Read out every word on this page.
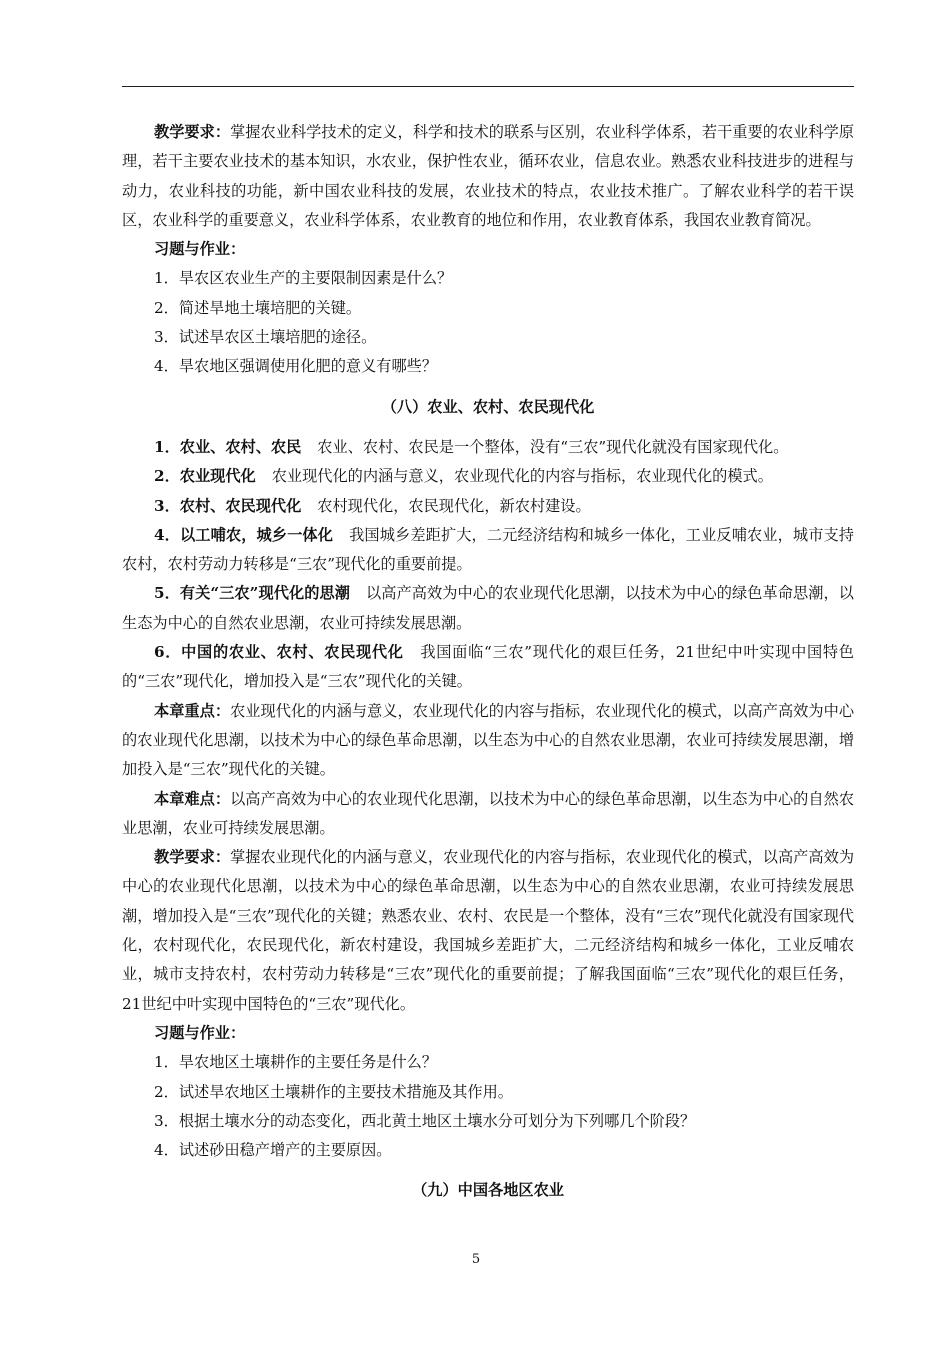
教学要求：掌握农业科学技术的定义，科学和技术的联系与区别，农业科学体系，若干重要的农业科学原理，若干主要农业技术的基本知识，水农业，保护性农业，循环农业，信息农业。熟悉农业科技进步的进程与动力，农业科技的功能，新中国农业科技的发展，农业技术的特点，农业技术推广。了解农业科学的若干误区，农业科学的重要意义，农业科学体系，农业教育的地位和作用，农业教育体系，我国农业教育简况。

习题与作业：

1．旱农区农业生产的主要限制因素是什么？

2．简述旱地土壤培肥的关键。

3．试述旱农区土壤培肥的途径。

4．旱农地区强调使用化肥的意义有哪些？

（八）农业、农村、农民现代化

1．农业、农村、农民 农业、农村、农民是一个整体，没有“三农”现代化就没有国家现代化。

2．农业现代化 农业现代化的内涵与意义，农业现代化的内容与指标，农业现代化的模式。

3．农村、农民现代化 农村现代化，农民现代化，新农村建设。

4．以工哺农，城乡一体化 我国城乡差距扩大，二元经济结构和城乡一体化，工业反哺农业，城市支持农村，农村劳动力转移是“三农”现代化的重要前提。

5．有关“三农”现代化的思潮 以高产高效为中心的农业现代化思潮，以技术为中心的绿色革命思潮，以生态为中心的自然农业思潮，农业可持续发展思潮。

6．中国的农业、农村、农民现代化 我国面临“三农”现代化的艰巨任务，21世纪中叶实现中国特色的“三农”现代化，增加投入是“三农”现代化的关键。

本章重点：农业现代化的内涵与意义，农业现代化的内容与指标，农业现代化的模式，以高产高效为中心的农业现代化思潮，以技术为中心的绿色革命思潮，以生态为中心的自然农业思潮，农业可持续发展思潮，增加投入是“三农”现代化的关键。

本章难点：以高产高效为中心的农业现代化思潮，以技术为中心的绿色革命思潮，以生态为中心的自然农业思潮，农业可持续发展思潮。

教学要求：掌握农业现代化的内涵与意义，农业现代化的内容与指标，农业现代化的模式，以高产高效为中心的农业现代化思潮，以技术为中心的绿色革命思潮，以生态为中心的自然农业思潮，农业可持续发展思潮，增加投入是“三农”现代化的关键；熟悉农业、农村、农民是一个整体，没有“三农”现代化就没有国家现代化，农村现代化，农民现代化，新农村建设，我国城乡差距扩大，二元经济结构和城乡一体化，工业反哺农业，城市支持农村，农村劳动力转移是“三农”现代化的重要前提；了解我国面临“三农”现代化的艰巨任务，21世纪中叶实现中国特色的“三农”现代化。

习题与作业：

1．旱农地区土壤耕作的主要任务是什么？

2．试述旱农地区土壤耕作的主要技术措施及其作用。

3．根据土壤水分的动态变化，西北黄土地区土壤水分可划分为下列哪几个阶段？

4．试述砂田稳产增产的主要原因。

（九）中国各地区农业

5
